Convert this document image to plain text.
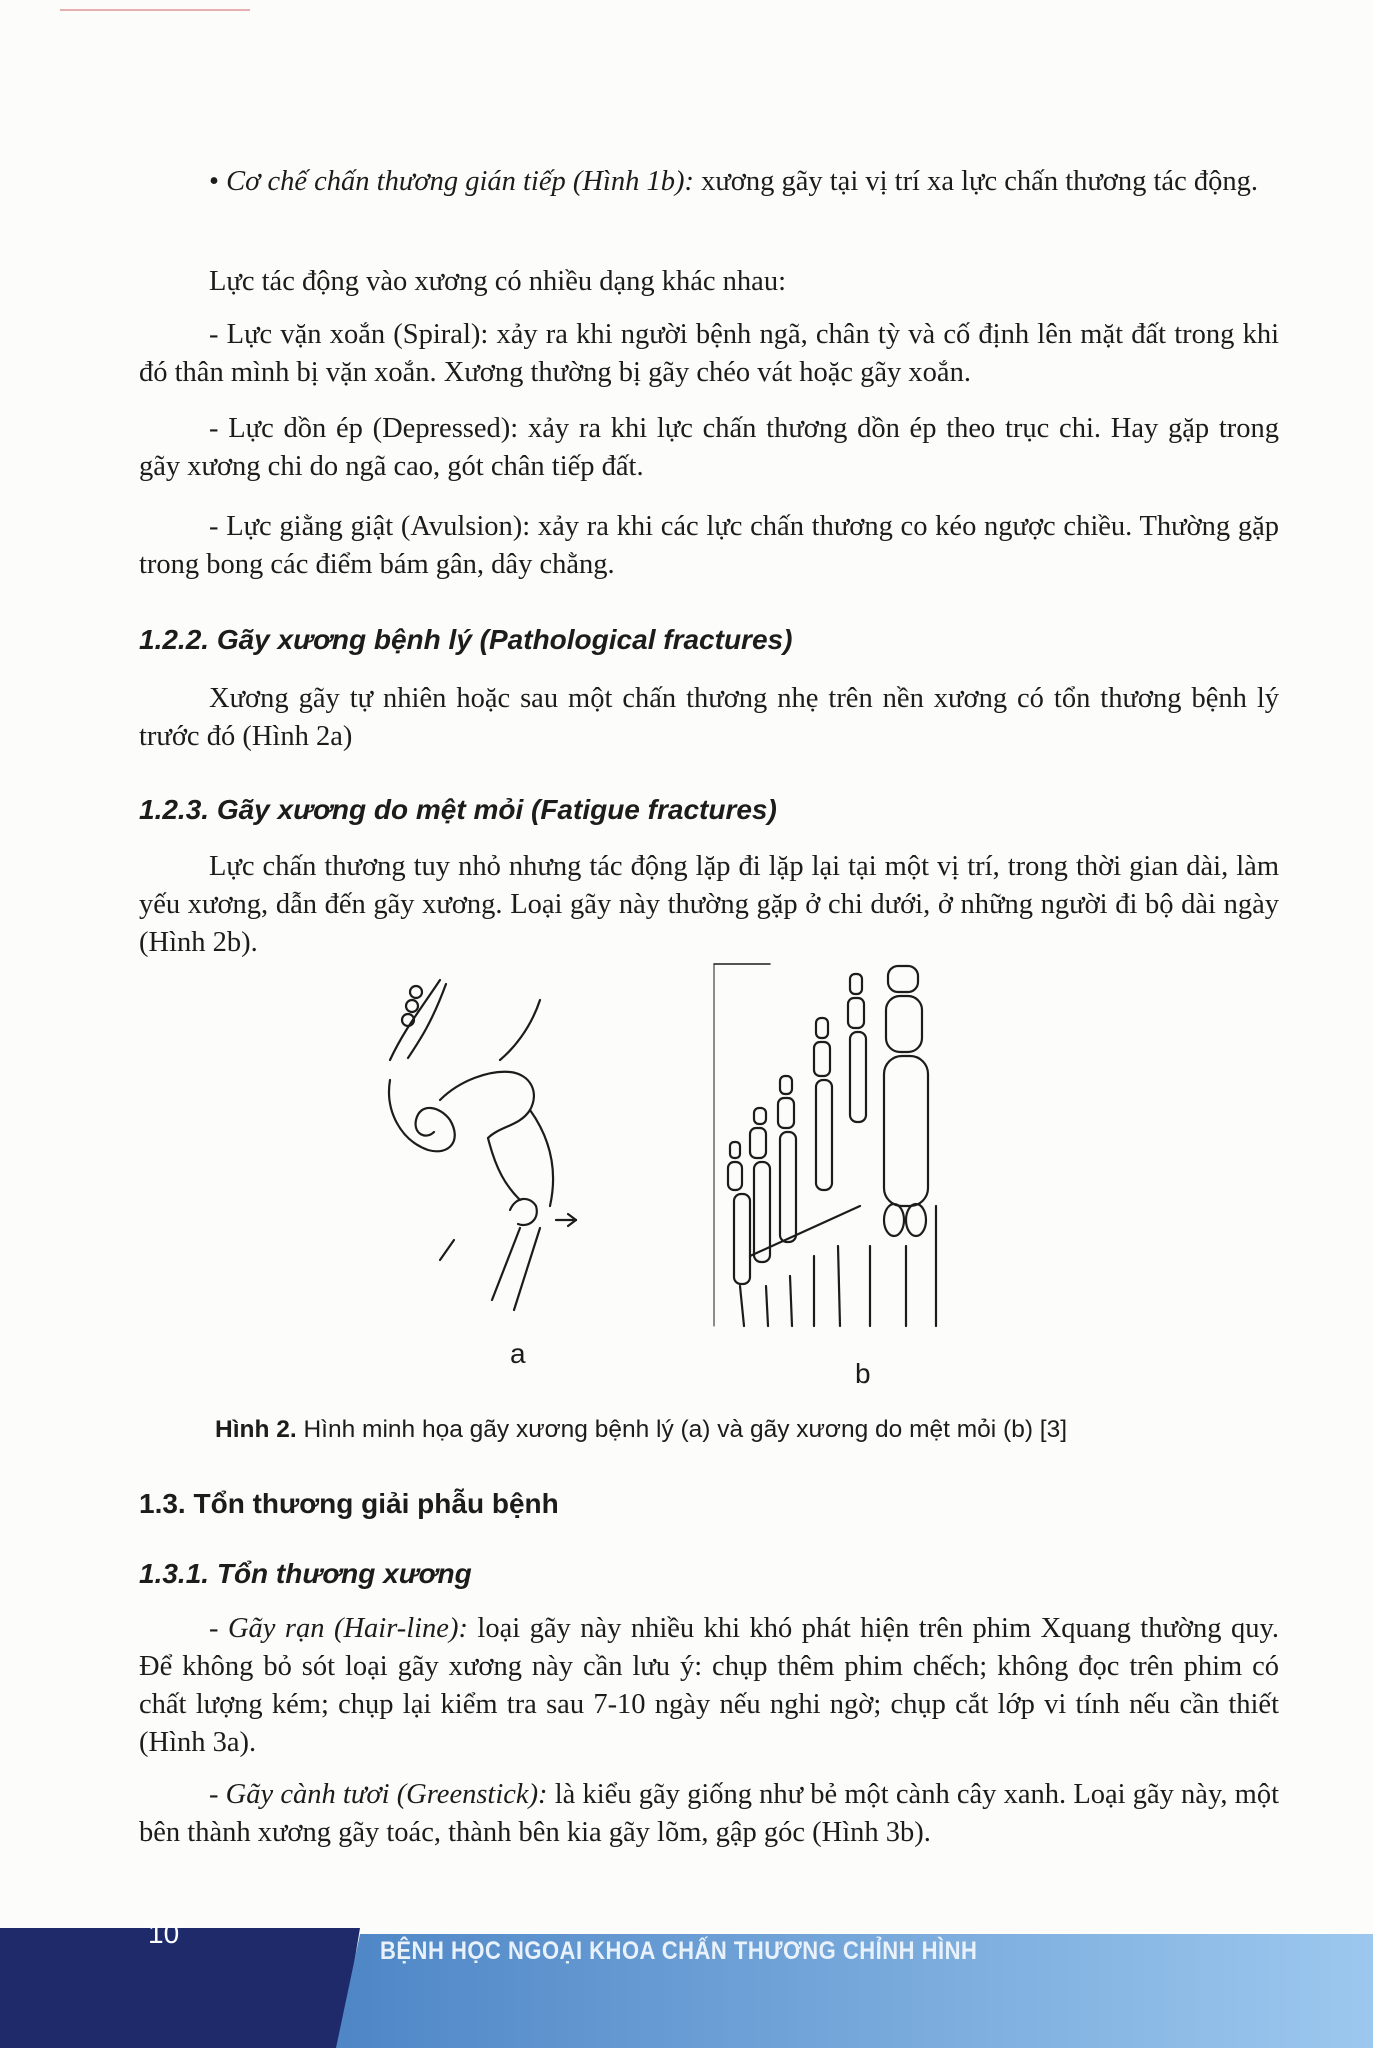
• Cơ chế chấn thương gián tiếp (Hình 1b): xương gãy tại vị trí xa lực chấn thương tác động.

Lực tác động vào xương có nhiều dạng khác nhau:

- Lực vặn xoắn (Spiral): xảy ra khi người bệnh ngã, chân tỳ và cố định lên mặt đất trong khi đó thân mình bị vặn xoắn. Xương thường bị gãy chéo vát hoặc gãy xoắn.

- Lực dồn ép (Depressed): xảy ra khi lực chấn thương dồn ép theo trục chi. Hay gặp trong gãy xương chi do ngã cao, gót chân tiếp đất.

- Lực giằng giật (Avulsion): xảy ra khi các lực chấn thương co kéo ngược chiều. Thường gặp trong bong các điểm bám gân, dây chằng.

1.2.2. Gãy xương bệnh lý (Pathological fractures)

Xương gãy tự nhiên hoặc sau một chấn thương nhẹ trên nền xương có tổn thương bệnh lý trước đó (Hình 2a)

1.2.3. Gãy xương do mệt mỏi (Fatigue fractures)

Lực chấn thương tuy nhỏ nhưng tác động lặp đi lặp lại tại một vị trí, trong thời gian dài, làm yếu xương, dẫn đến gãy xương. Loại gãy này thường gặp ở chi dưới, ở những người đi bộ dài ngày (Hình 2b).

a
b
Hình 2. Hình minh họa gãy xương bệnh lý (a) và gãy xương do mệt mỏi (b) [3]
1.3. Tổn thương giải phẫu bệnh
1.3.1. Tổn thương xương

- Gãy rạn (Hair-line): loại gãy này nhiều khi khó phát hiện trên phim Xquang thường quy. Để không bỏ sót loại gãy xương này cần lưu ý: chụp thêm phim chếch; không đọc trên phim có chất lượng kém; chụp lại kiểm tra sau 7-10 ngày nếu nghi ngờ; chụp cắt lớp vi tính nếu cần thiết (Hình 3a).

- Gãy cành tươi (Greenstick): là kiểu gãy giống như bẻ một cành cây xanh. Loại gãy này, một bên thành xương gãy toác, thành bên kia gãy lõm, gập góc (Hình 3b).

10
BỆNH HỌC NGOẠI KHOA CHẤN THƯƠNG CHỈNH HÌNH
